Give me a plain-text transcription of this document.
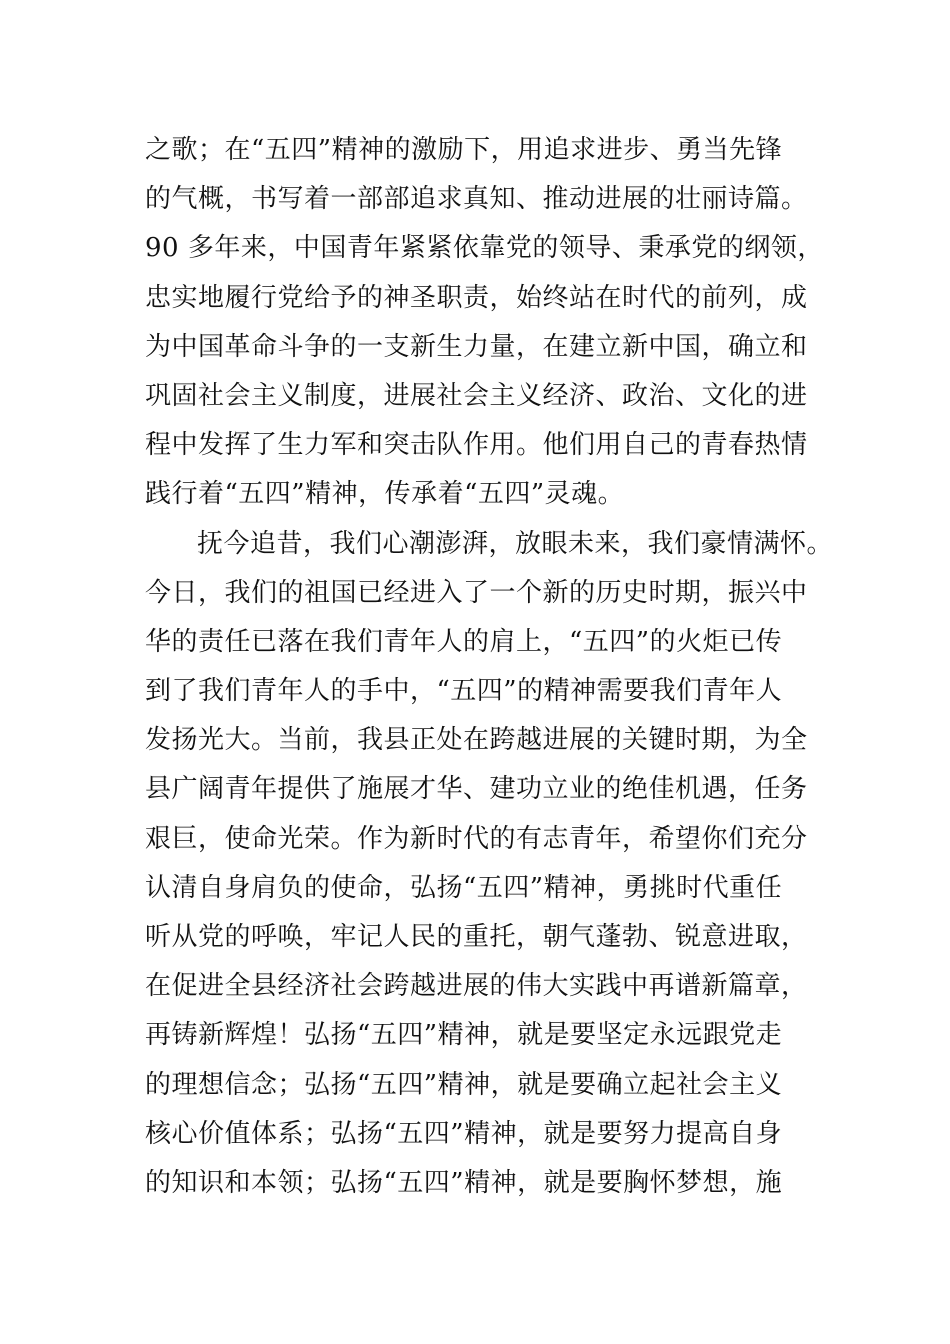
之歌；在“五四”精神的激励下，用追求进步、勇当先锋
的气概，书写着一部部追求真知、推动进展的壮丽诗篇。
90 多年来，中国青年紧紧依靠党的领导、秉承党的纲领，
忠实地履行党给予的神圣职责，始终站在时代的前列，成
为中国革命斗争的一支新生力量，在建立新中国，确立和
巩固社会主义制度，进展社会主义经济、政治、文化的进
程中发挥了生力军和突击队作用。他们用自己的青春热情
践行着“五四”精神，传承着“五四”灵魂。
抚今追昔，我们心潮澎湃，放眼未来，我们豪情满怀。
今日，我们的祖国已经进入了一个新的历史时期，振兴中
华的责任已落在我们青年人的肩上，“五四”的火炬已传
到了我们青年人的手中，“五四”的精神需要我们青年人
发扬光大。当前，我县正处在跨越进展的关键时期，为全
县广阔青年提供了施展才华、建功立业的绝佳机遇，任务
艰巨，使命光荣。作为新时代的有志青年，希望你们充分
认清自身肩负的使命，弘扬“五四”精神，勇挑时代重任
听从党的呼唤，牢记人民的重托，朝气蓬勃、锐意进取，
在促进全县经济社会跨越进展的伟大实践中再谱新篇章，
再铸新辉煌！弘扬“五四”精神，就是要坚定永远跟党走
的理想信念；弘扬“五四”精神，就是要确立起社会主义
核心价值体系；弘扬“五四”精神，就是要努力提高自身
的知识和本领；弘扬“五四”精神，就是要胸怀梦想，施
